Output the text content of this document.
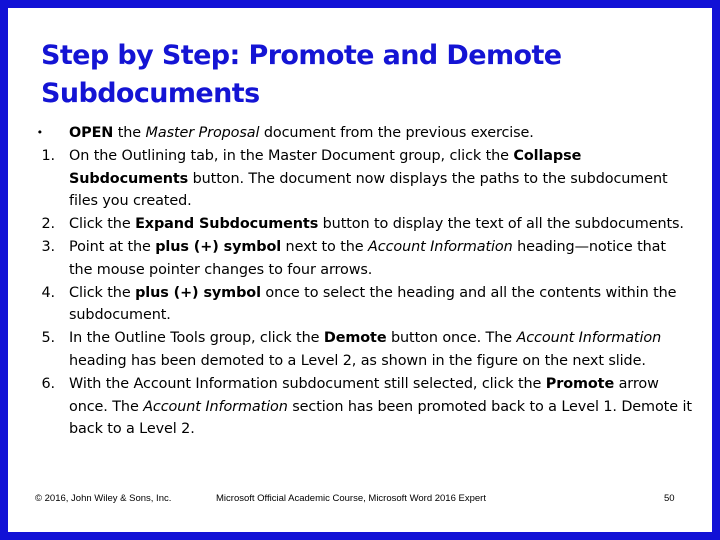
Step by Step: Promote and Demote
Subdocuments
• OPEN the Master Proposal document from the previous exercise.
1. On the Outlining tab, in the Master Document group, click the Collapse Subdocuments button. The document now displays the paths to the subdocument files you created.
2. Click the Expand Subdocuments button to display the text of all the subdocuments.
3. Point at the plus (+) symbol next to the Account Information heading—notice that the mouse pointer changes to four arrows.
4. Click the plus (+) symbol once to select the heading and all the contents within the subdocument.
5. In the Outline Tools group, click the Demote button once. The Account Information heading has been demoted to a Level 2, as shown in the figure on the next slide.
6. With the Account Information subdocument still selected, click the Promote arrow once. The Account Information section has been promoted back to a Level 1. Demote it back to a Level 2.
© 2016, John Wiley & Sons, Inc.	Microsoft Official Academic Course, Microsoft Word 2016 Expert	50
